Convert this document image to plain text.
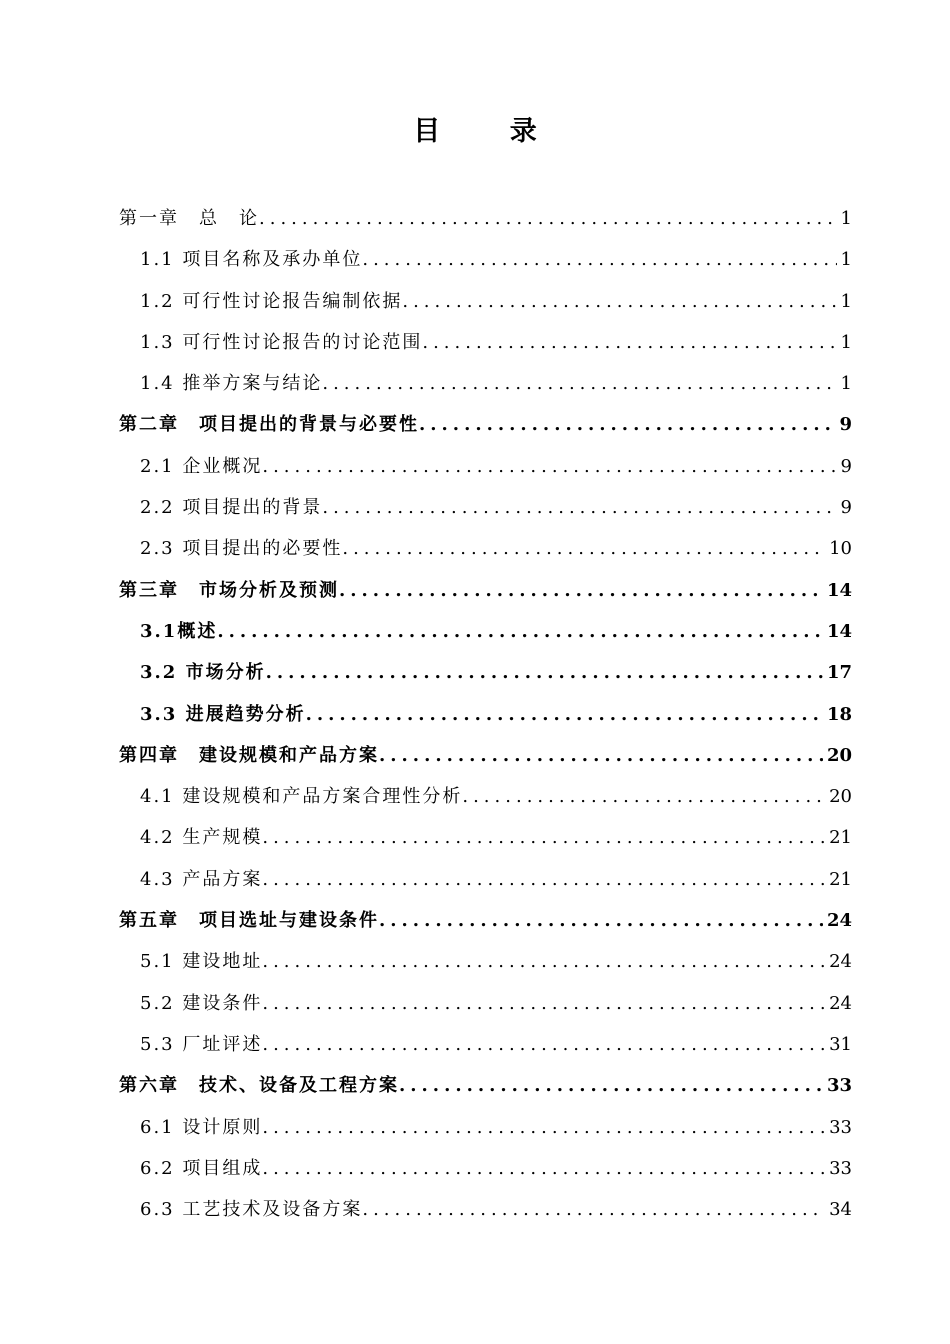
目 录
第一章　总　论 .....	1
1.1 项目名称及承办单位 .....	1
1.2 可行性讨论报告编制依据 .....	1
1.3 可行性讨论报告的讨论范围 .....	1
1.4 推举方案与结论 .....	1
第二章　项目提出的背景与必要性 .....	9
2.1 企业概况 .....	9
2.2 项目提出的背景 .....	9
2.3 项目提出的必要性 .....	10
第三章　市场分析及预测 .....	14
3.1概述 .....	14
3.2 市场分析 .....	17
3.3 进展趋势分析 .....	18
第四章　建设规模和产品方案 .....	20
4.1 建设规模和产品方案合理性分析 .....	20
4.2 生产规模 .....	21
4.3 产品方案 .....	21
第五章　项目选址与建设条件 .....	24
5.1 建设地址 .....	24
5.2 建设条件 .....	24
5.3 厂址评述 .....	31
第六章　技术、设备及工程方案 .....	33
6.1 设计原则 .....	33
6.2 项目组成 .....	33
6.3 工艺技术及设备方案 .....	34
